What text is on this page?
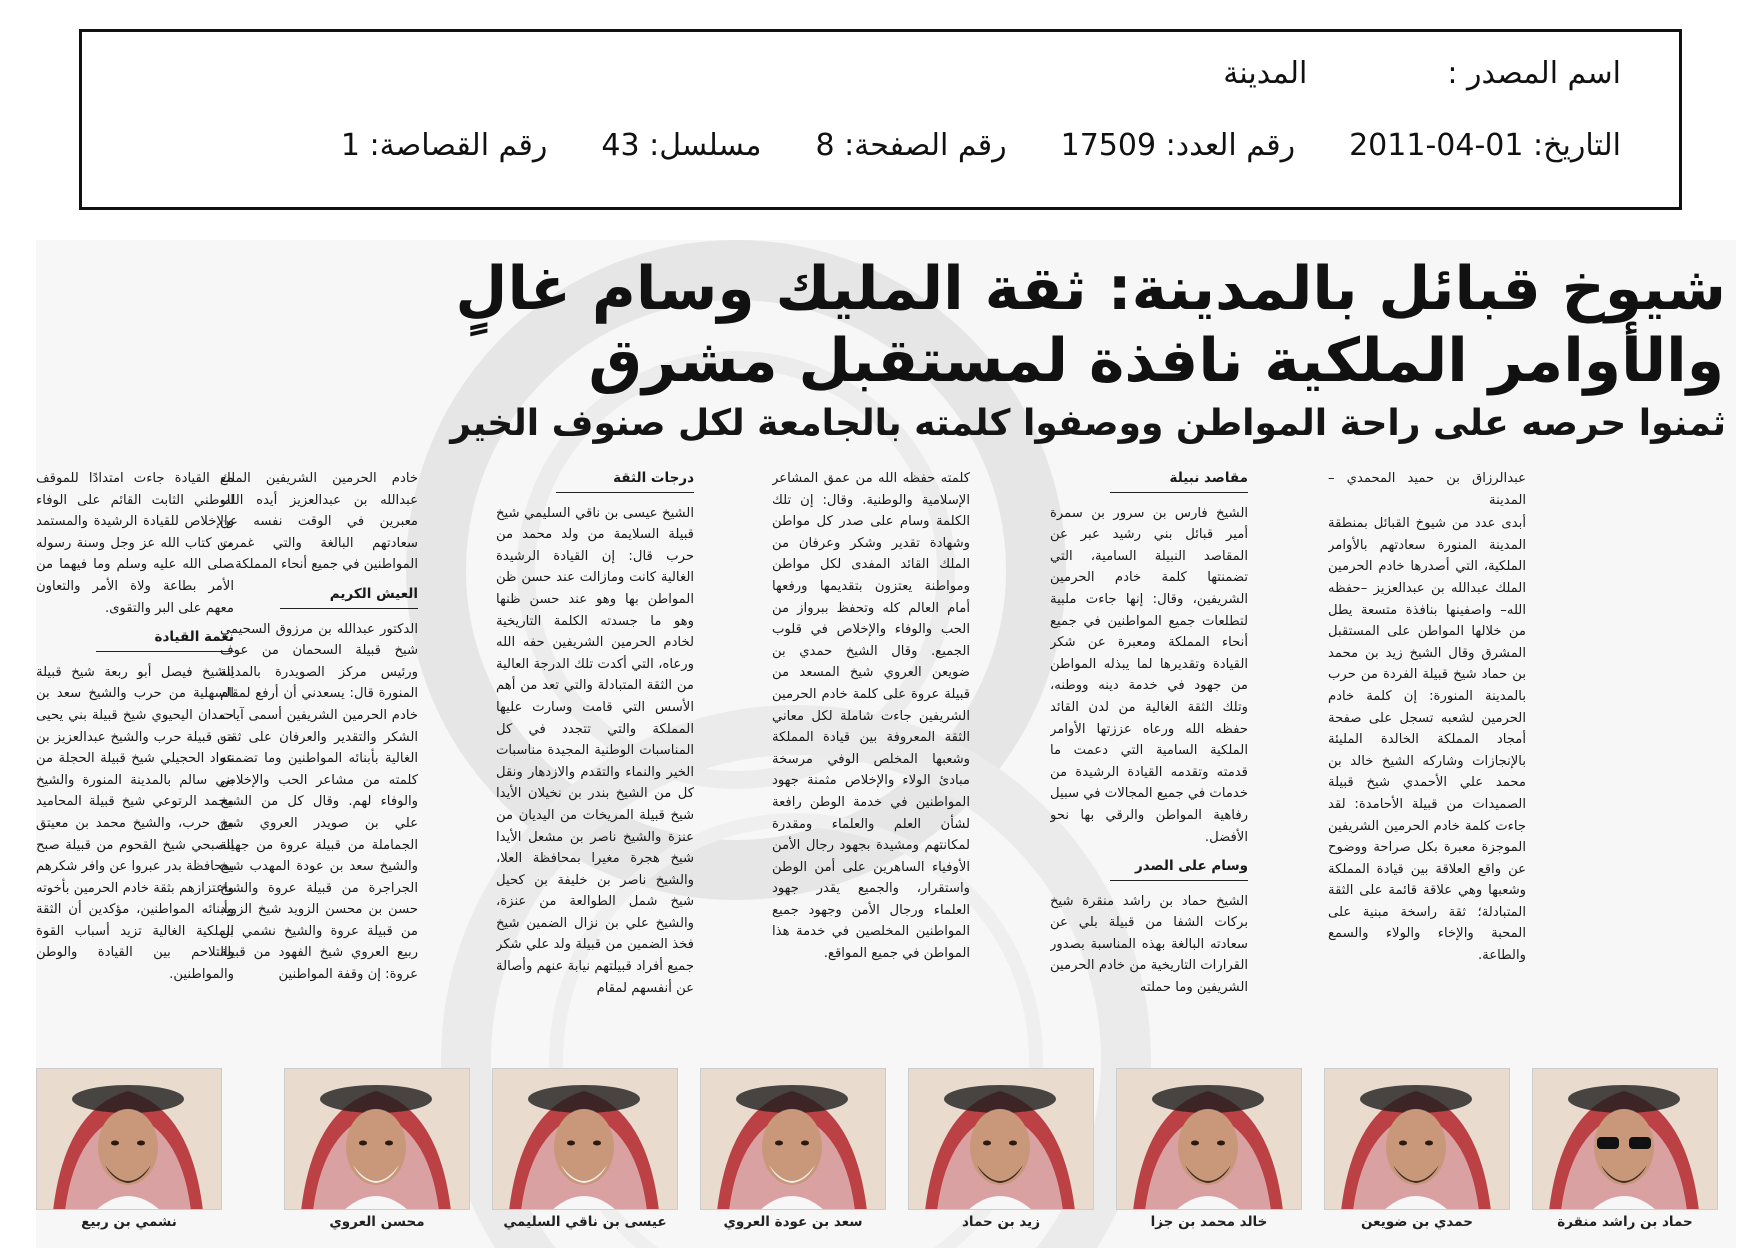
اسم المصدر :
المدينة
التاريخ: 01-04-2011
رقم العدد: 17509
رقم الصفحة: 8
مسلسل: 43
رقم القصاصة: 1
شيوخ قبائل بالمدينة: ثقة المليك وسام غالٍ
والأوامر الملكية نافذة لمستقبل مشرق
ثمنوا حرصه على راحة المواطن ووصفوا كلمته بالجامعة لكل صنوف الخير

عبدالرزاق بن حميد المحمدي – المدينة

أبدى عدد من شيوخ القبائل بمنطقة المدينة المنورة سعادتهم بالأوامر الملكية، التي أصدرها خادم الحرمين الملك عبدالله بن عبدالعزيز –حفظه الله– واصفينها بنافذة متسعة يطل من خلالها المواطن على المستقبل المشرق وقال الشيخ زيد بن محمد بن حماد شيخ قبيلة الفردة من حرب بالمدينة المنورة: إن كلمة خادم الحرمين لشعبه تسجل على صفحة أمجاد المملكة الخالدة المليئة بالإنجازات وشاركه الشيخ خالد بن محمد علي الأحمدي شيخ قبيلة الصميدات من قبيلة الأحامدة: لقد جاءت كلمة خادم الحرمين الشريفين الموجزة معبرة بكل صراحة ووضوح عن واقع العلاقة بين قيادة المملكة وشعبها وهي علاقة قائمة على الثقة المتبادلة؛ ثقة راسخة مبنية على المحبة والإخاء والولاء والسمع والطاعة.

مقاصد نبيلة

الشيخ فارس بن سرور بن سمرة أمير قبائل بني رشيد عبر عن المقاصد النبيلة السامية، التي تضمنتها كلمة خادم الحرمين الشريفين، وقال: إنها جاءت ملبية لتطلعات جميع المواطنين في جميع أنحاء المملكة ومعبرة عن شكر القيادة وتقديرها لما يبذله المواطن من جهود في خدمة دينه ووطنه، وتلك الثقة الغالية من لدن القائد حفظه الله ورعاه عززتها الأوامر الملكية السامية التي دعمت ما قدمته وتقدمه القيادة الرشيدة من خدمات في جميع المجالات في سبيل رفاهية المواطن والرقي بها نحو الأفضل.

وسام على الصدر

الشيخ حماد بن راشد منقرة شيخ بركات الشفا من قبيلة بلي عن سعادته البالغة بهذه المناسبة بصدور القرارات التاريخية من خادم الحرمين الشريفين وما حملته

كلمته حفظه الله من عمق المشاعر الإسلامية والوطنية. وقال: إن تلك الكلمة وسام على صدر كل مواطن وشهادة تقدير وشكر وعرفان من الملك القائد المفدى لكل مواطن ومواطنة يعتزون بتقديمها ورفعها أمام العالم كله وتحفظ ببرواز من الحب والوفاء والإخلاص في قلوب الجميع. وقال الشيخ حمدي بن ضويعن العروي شيخ المسعد من قبيلة عروة على كلمة خادم الحرمين الشريفين جاءت شاملة لكل معاني الثقة المعروفة بين قيادة المملكة وشعبها المخلص الوفي مرسخة مبادئ الولاء والإخلاص مثمنة جهود المواطنين في خدمة الوطن رافعة لشأن العلم والعلماء ومقدرة لمكانتهم ومشيدة بجهود رجال الأمن الأوفياء الساهرين على أمن الوطن واستقرار، والجميع يقدر جهود العلماء ورجال الأمن وجهود جميع المواطنين المخلصين في خدمة هذا المواطن في جميع المواقع.

درجات الثقة

الشيخ عيسى بن ناقي السليمي شيخ قبيلة السلايمة من ولد محمد من حرب قال: إن القيادة الرشيدة الغالية كانت ومازالت عند حسن ظن المواطن بها وهو عند حسن ظنها وهو ما جسدته الكلمة التاريخية لخادم الحرمين الشريفين حفه الله ورعاه، التي أكدت تلك الدرجة العالية من الثقة المتبادلة والتي تعد من أهم الأسس التي قامت وسارت عليها المملكة والتي تتجدد في كل المناسبات الوطنية المجيدة مناسبات الخير والنماء والتقدم والازدهار ونقل كل من الشيخ بندر بن نخيلان الأيدا شيخ قبيلة المريخات من اليديان من عنزة والشيخ ناصر بن مشعل الأيدا شيخ هجرة مغيرا بمحافظة العلا، والشيخ ناصر بن خليفة بن كحيل شيخ شمل الطوالعة من عنزة، والشيخ علي بن نزال الضمين شيخ فخذ الضمين من قبيلة ولد علي شكر جميع أفراد قبيلتهم نيابة عنهم وأصالة عن أنفسهم لمقام

خادم الحرمين الشريفين الملك عبدالله بن عبدالعزيز أيده الله، معبرين في الوقت نفسه عن سعادتهم البالغة والتي غمرت المواطنين في جميع أنحاء المملكة.

العيش الكريم

الدكتور عبدالله بن مرزوق السحيمي شيخ قبيلة السحمان من عوف ورئيس مركز الصويدرة بالمدينة المنورة قال: يسعدني أن أرفع لمقام خادم الحرمين الشريفين أسمى آيات الشكر والتقدير والعرفان على ثقته الغالية بأبنائه المواطنين وما تضمنته كلمته من مشاعر الحب والإخلاص والوفاء لهم. وقال كل من الشيخ علي بن صويدر العروي شيخ الجماملة من قبيلة عروة من جهينة والشيخ سعد بن عودة المهدب شيخ الجراجرة من قبيلة عروة والشيخ حسن بن محسن الزويد شيخ الزويد من قبيلة عروة والشيخ نشمي بن ربيع العروي شيخ الفهود من قبيلة عروة: إن وقفة المواطنين

مع القيادة جاءت امتدادًا للموقف الوطني الثابت القائم على الوفاء والإخلاص للقيادة الرشيدة والمستمد من كتاب الله عز وجل وسنة رسوله صلى الله عليه وسلم وما فيهما من الأمر بطاعة ولاة الأمر والتعاون معهم على البر والتقوى.

نعمة القيادة

الشيخ فيصل أبو ربعة شيخ قبيلة السهلية من حرب والشيخ سعد بن حمدان اليحيوي شيخ قبيلة بني يحيى من قبيلة حرب والشيخ عبدالعزيز بن عواد الحجيلي شيخ قبيلة الحجلة من بني سالم بالمدينة المنورة والشيخ محمد الرتوعي شيخ قبيلة المحاميد من حرب، والشيخ محمد بن معيتق الصبحي شيخ القحوم من قبيلة صبح بمحافظة بدر عبروا عن وافر شكرهم واعتزازهم بثقة خادم الحرمين بأخوته وأبنائه المواطنين، مؤكدين أن الثقة الملكية الغالية تزيد أسباب القوة والتلاحم بين القيادة والوطن والمواطنين.

حماد بن راشد منقرة
حمدي بن ضويعن
خالد محمد بن جزا
زيد بن حماد
سعد بن عودة العروي
عيسى بن ناقي السليمي
محسن العروي
نشمي بن ربيع
